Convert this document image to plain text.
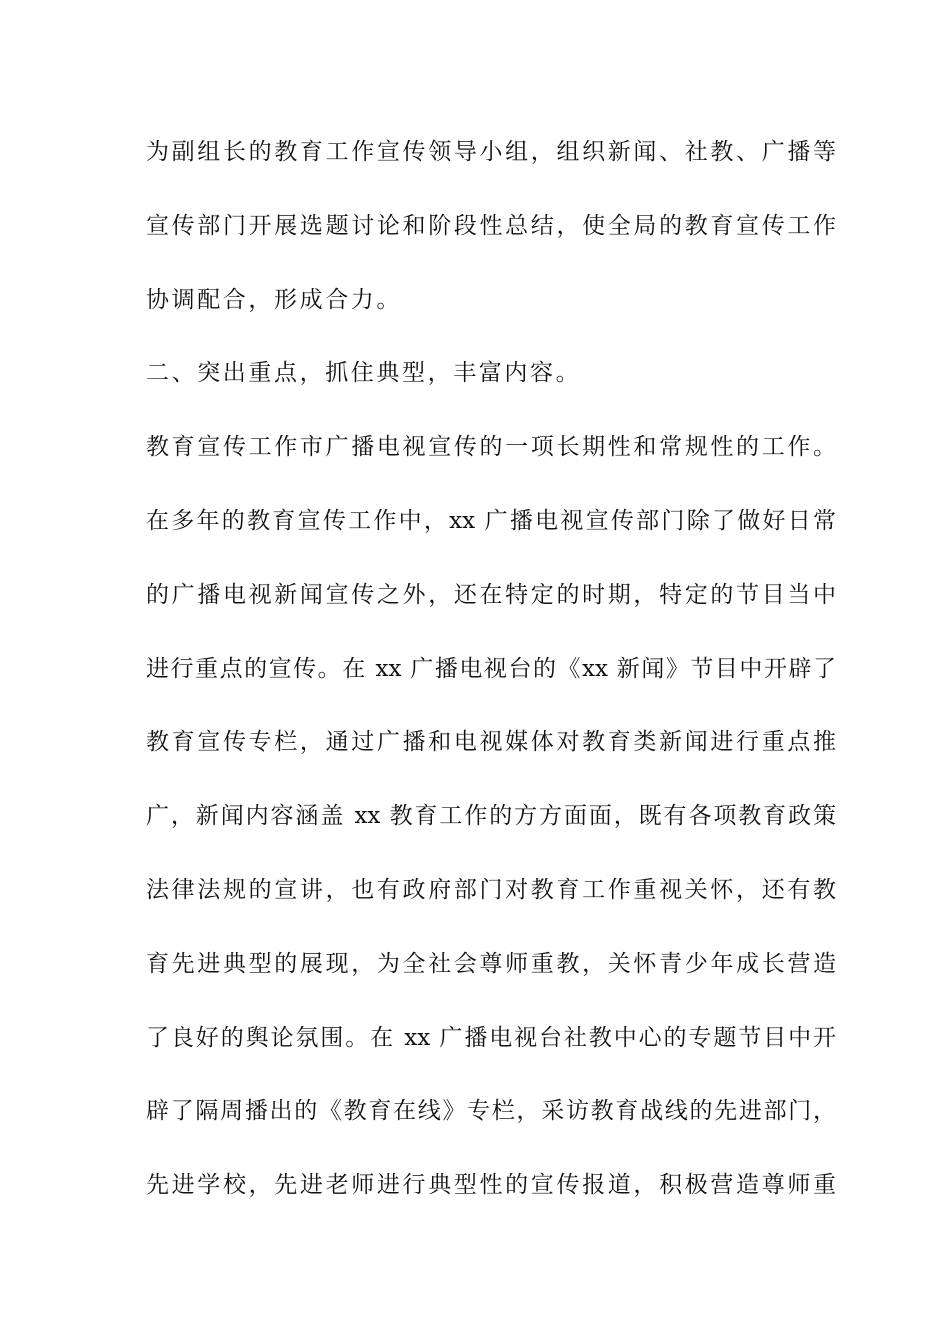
为副组长的教育工作宣传领导小组，组织新闻、社教、广播等
宣传部门开展选题讨论和阶段性总结，使全局的教育宣传工作
协调配合，形成合力。
二、突出重点，抓住典型，丰富内容。
教育宣传工作市广播电视宣传的一项长期性和常规性的工作。
在多年的教育宣传工作中，xx 广播电视宣传部门除了做好日常
的广播电视新闻宣传之外，还在特定的时期，特定的节目当中
进行重点的宣传。在 xx 广播电视台的《xx 新闻》节目中开辟了
教育宣传专栏，通过广播和电视媒体对教育类新闻进行重点推
广，新闻内容涵盖 xx 教育工作的方方面面，既有各项教育政策
法律法规的宣讲，也有政府部门对教育工作重视关怀，还有教
育先进典型的展现，为全社会尊师重教，关怀青少年成长营造
了良好的舆论氛围。在 xx 广播电视台社教中心的专题节目中开
辟了隔周播出的《教育在线》专栏，采访教育战线的先进部门，
先进学校，先进老师进行典型性的宣传报道，积极营造尊师重
